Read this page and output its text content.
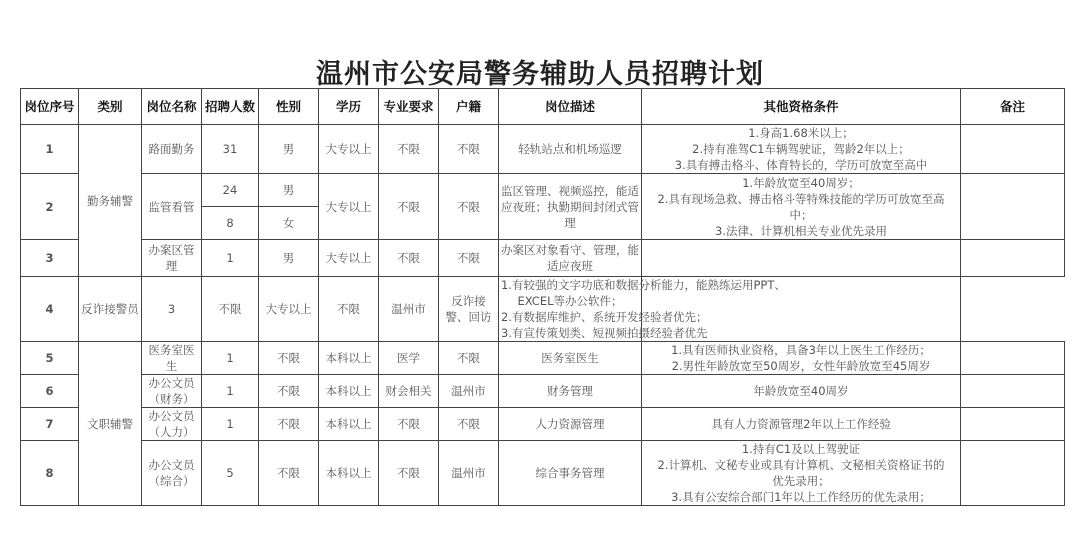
温州市公安局警务辅助人员招聘计划
岗位序号	类别	岗位名称	招聘人数	性别	学历	专业要求	户籍	岗位描述	其他资格条件	备注
1	勤务辅警	路面勤务	31	男	大专以上	不限	不限	轻轨站点和机场巡逻	1.身高1.68米以上；
2.持有准驾C1车辆驾驶证，驾龄2年以上；
3.具有搏击格斗、体育特长的，学历可放宽至高中	

2		监管看管	24	男	大专以上	不限	不限	监区管理、视频巡控，能适应夜班；执勤期间封闭式管理	1.年龄放宽至40周岁；
2.具有现场急救、搏击格斗等特殊技能的学历可放宽至高
中；
3.法律、计算机相关专业优先录用	

			8	女						
3		办案区管理	1	男	大专以上	不限	不限	办案区对象看守、管理，能适应夜班		
4	反诈接警员	3	不限	大专以上	不限	温州市	反诈接警、回访	1.有较强的文字功底和数据分析能力，能熟练运用PPT、
EXCEL等办公软件；
2.有数据库维护、系统开发经验者优先；
3.有宣传策划类、短视频拍摄经验者优先		

5	文职辅警	医务室医生	1	不限	本科以上	医学	不限	医务室医生	1.具有医师执业资格，具备3年以上医生工作经历；
2.男性年龄放宽至50周岁，女性年龄放宽至45周岁	

6		办公文员（财务）	1	不限	本科以上	财会相关	温州市	财务管理	年龄放宽至40周岁	

7		办公文员（人力）	1	不限	本科以上	不限	不限	人力资源管理	具有人力资源管理2年以上工作经验	

8		办公文员（综合）	5	不限	本科以上	不限	温州市	综合事务管理	1.持有C1及以上驾驶证
2.计算机、文秘专业或具有计算机、文秘相关资格证书的
优先录用；
3.具有公安综合部门1年以上工作经历的优先录用；	
